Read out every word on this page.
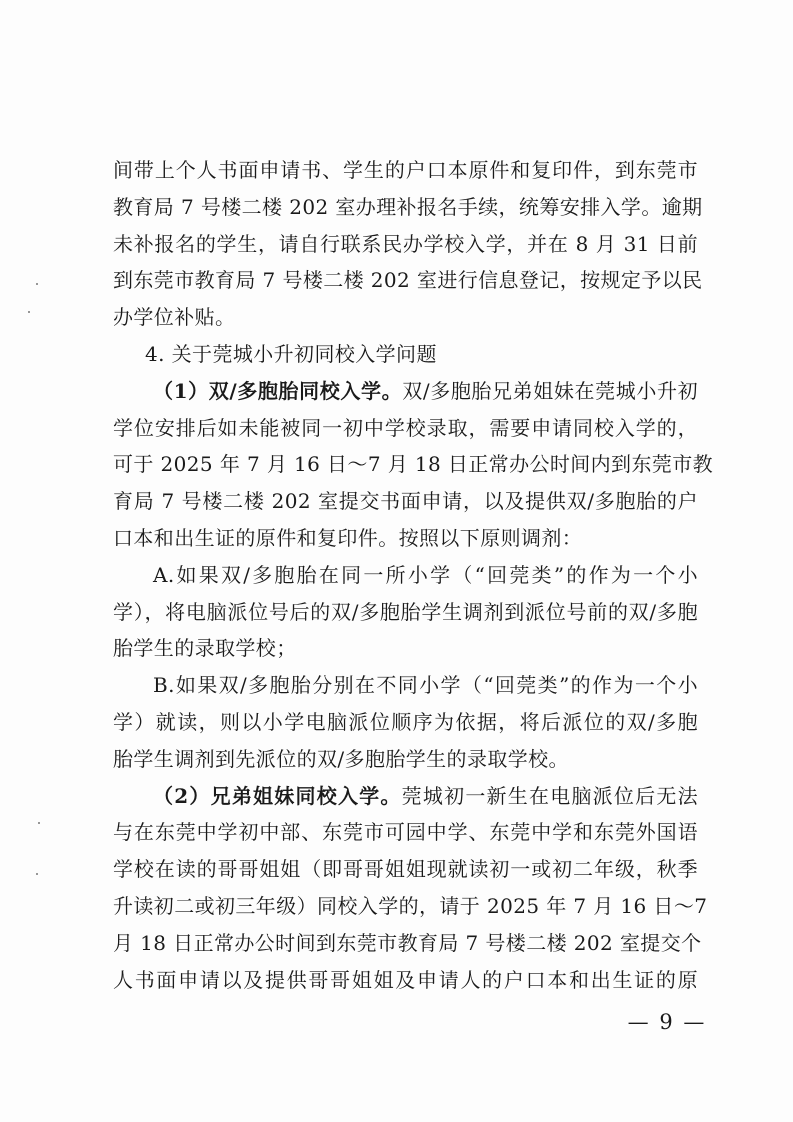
间带上个人书面申请书、学生的户口本原件和复印件，到东莞市
教育局 7 号楼二楼 202 室办理补报名手续，统筹安排入学。逾期
未补报名的学生，请自行联系民办学校入学，并在 8 月 31 日前
到东莞市教育局 7 号楼二楼 202 室进行信息登记，按规定予以民
办学位补贴。
4. 关于莞城小升初同校入学问题
（1）双/多胞胎同校入学。双/多胞胎兄弟姐妹在莞城小升初
学位安排后如未能被同一初中学校录取，需要申请同校入学的，
可于 2025 年 7 月 16 日～7 月 18 日正常办公时间内到东莞市教
育局 7 号楼二楼 202 室提交书面申请，以及提供双/多胞胎的户
口本和出生证的原件和复印件。按照以下原则调剂：
A.如果双/多胞胎在同一所小学（“回莞类”的作为一个小
学），将电脑派位号后的双/多胞胎学生调剂到派位号前的双/多胞
胎学生的录取学校；
B.如果双/多胞胎分别在不同小学（“回莞类”的作为一个小
学）就读，则以小学电脑派位顺序为依据，将后派位的双/多胞
胎学生调剂到先派位的双/多胞胎学生的录取学校。
（2）兄弟姐妹同校入学。莞城初一新生在电脑派位后无法
与在东莞中学初中部、东莞市可园中学、东莞中学和东莞外国语
学校在读的哥哥姐姐（即哥哥姐姐现就读初一或初二年级，秋季
升读初二或初三年级）同校入学的，请于 2025 年 7 月 16 日～7
月 18 日正常办公时间到东莞市教育局 7 号楼二楼 202 室提交个
人书面申请以及提供哥哥姐姐及申请人的户口本和出生证的原
— 9 —
